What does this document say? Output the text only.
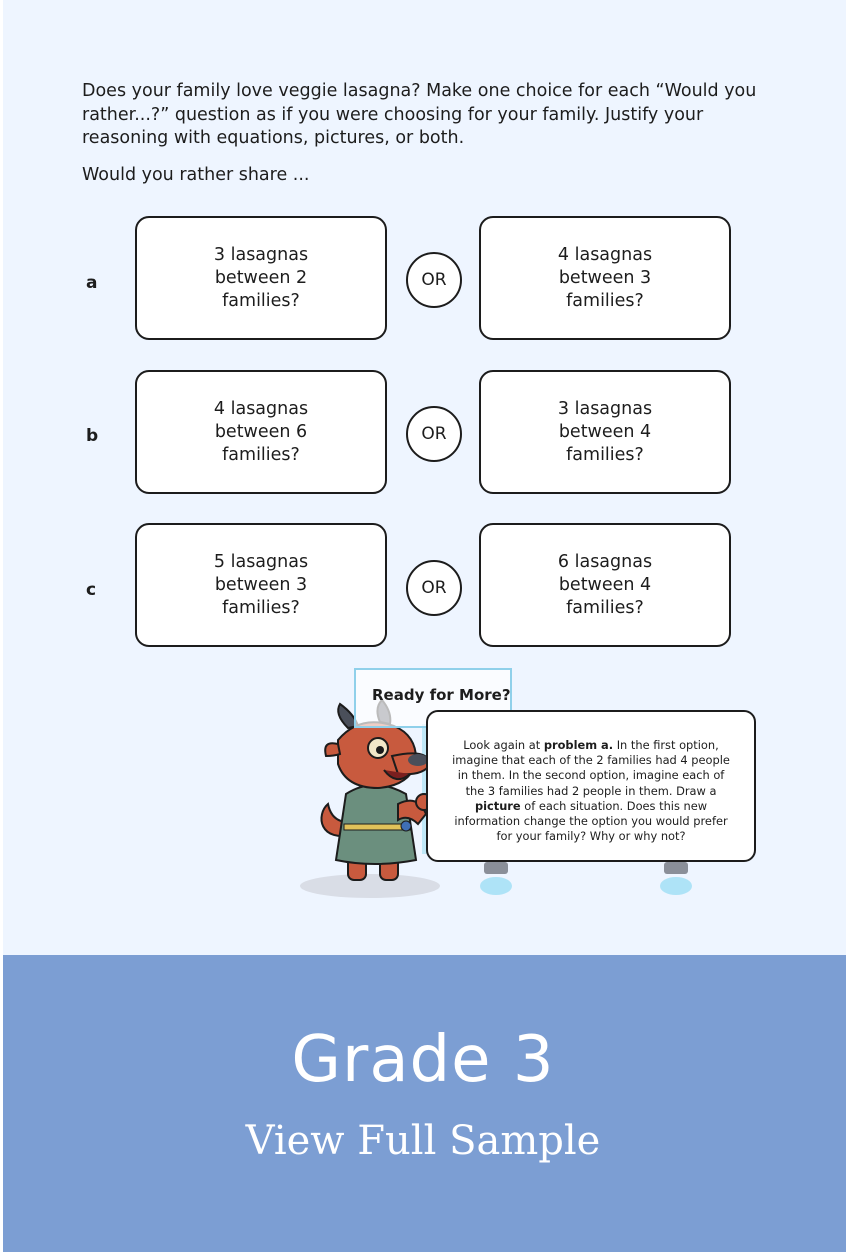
Does your family love veggie lasagna? Make one choice for each “Would you rather...?” question as if you were choosing for your family. Justify your reasoning with equations, pictures, or both.

Would you rather share ...

a
3 lasagnas between 2 families?
OR
4 lasagnas between 3 families?
b
4 lasagnas between 6 families?
OR
3 lasagnas between 4 families?
c
5 lasagnas between 3 families?
OR
6 lasagnas between 4 families?
Ready for More?
Look again at problem a. In the first option, imagine that each of the 2 families had 4 people in them. In the second option, imagine each of the 3 families had 2 people in them. Draw a picture of each situation. Does this new information change the option you would prefer for your family? Why or why not?
Grade 3
View Full Sample
